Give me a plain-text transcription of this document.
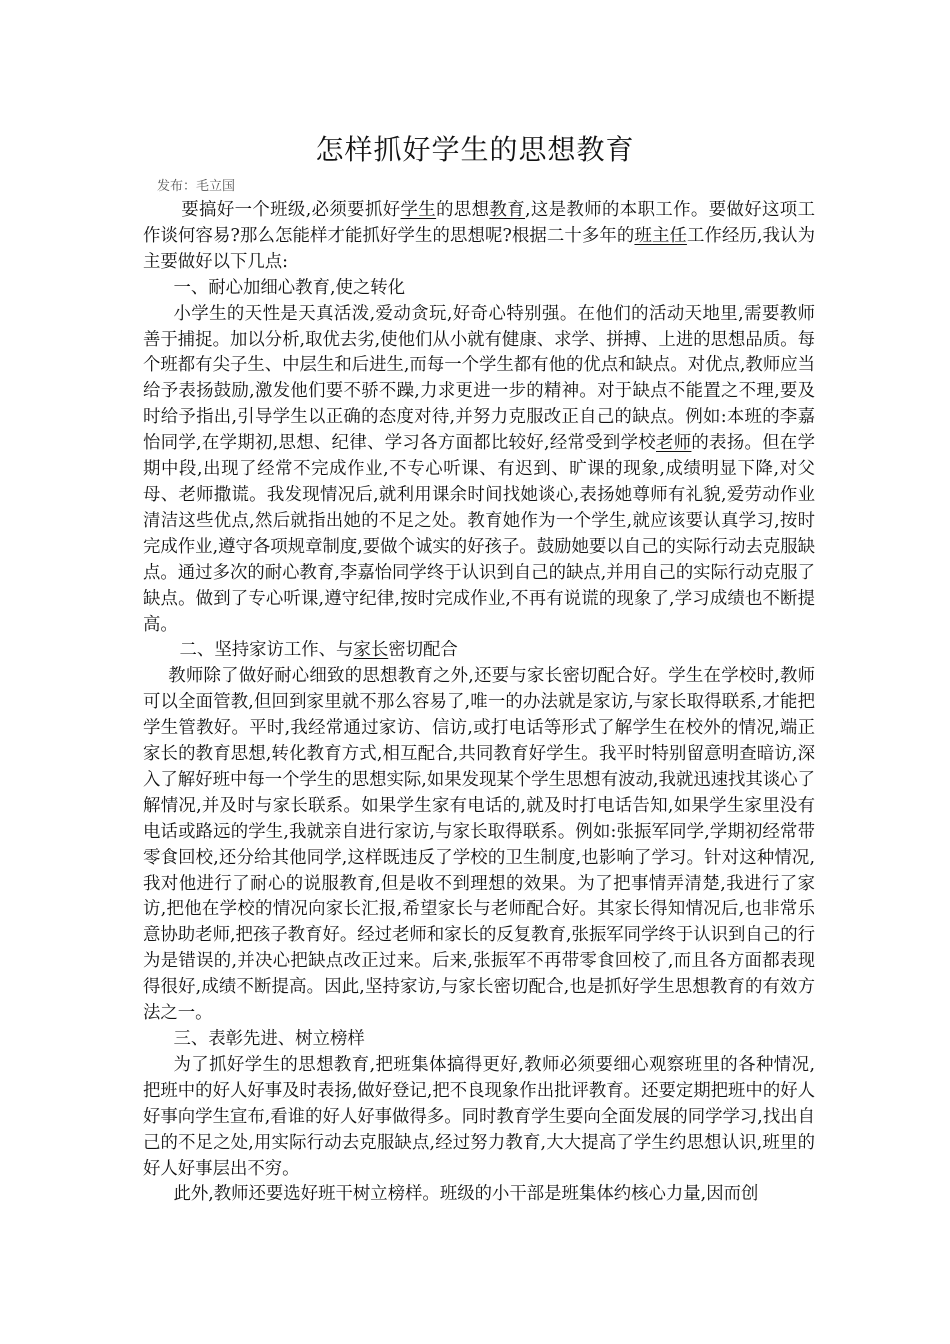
怎样抓好学生的思想教育
发布：毛立国

要搞好一个班级,必须要抓好学生的思想教育,这是教师的本职工作。要做好这项工作谈何容易?那么怎能样才能抓好学生的思想呢?根据二十多年的班主任工作经历,我认为主要做好以下几点:

一、耐心加细心教育,使之转化

小学生的天性是天真活泼,爱动贪玩,好奇心特别强。在他们的活动天地里,需要教师善于捕捉。加以分析,取优去劣,使他们从小就有健康、求学、拼搏、上进的思想品质。每个班都有尖子生、中层生和后进生,而每一个学生都有他的优点和缺点。对优点,教师应当给予表扬鼓励,激发他们要不骄不躁,力求更进一步的精神。对于缺点不能置之不理,要及时给予指出,引导学生以正确的态度对待,并努力克服改正自己的缺点。例如:本班的李嘉怡同学,在学期初,思想、纪律、学习各方面都比较好,经常受到学校老师的表扬。但在学期中段,出现了经常不完成作业,不专心听课、有迟到、旷课的现象,成绩明显下降,对父母、老师撒谎。我发现情况后,就利用课余时间找她谈心,表扬她尊师有礼貌,爱劳动作业清洁这些优点,然后就指出她的不足之处。教育她作为一个学生,就应该要认真学习,按时完成作业,遵守各项规章制度,要做个诚实的好孩子。鼓励她要以自己的实际行动去克服缺点。通过多次的耐心教育,李嘉怡同学终于认识到自己的缺点,并用自己的实际行动克服了缺点。做到了专心听课,遵守纪律,按时完成作业,不再有说谎的现象了,学习成绩也不断提高。

二、坚持家访工作、与家长密切配合

教师除了做好耐心细致的思想教育之外,还要与家长密切配合好。学生在学校时,教师可以全面管教,但回到家里就不那么容易了,唯一的办法就是家访,与家长取得联系,才能把学生管教好。平时,我经常通过家访、信访,或打电话等形式了解学生在校外的情况,端正家长的教育思想,转化教育方式,相互配合,共同教育好学生。我平时特别留意明查暗访,深入了解好班中每一个学生的思想实际,如果发现某个学生思想有波动,我就迅速找其谈心了解情况,并及时与家长联系。如果学生家有电话的,就及时打电话告知,如果学生家里没有电话或路远的学生,我就亲自进行家访,与家长取得联系。例如:张振军同学,学期初经常带零食回校,还分给其他同学,这样既违反了学校的卫生制度,也影响了学习。针对这种情况,我对他进行了耐心的说服教育,但是收不到理想的效果。为了把事情弄清楚,我进行了家访,把他在学校的情况向家长汇报,希望家长与老师配合好。其家长得知情况后,也非常乐意协助老师,把孩子教育好。经过老师和家长的反复教育,张振军同学终于认识到自己的行为是错误的,并决心把缺点改正过来。后来,张振军不再带零食回校了,而且各方面都表现得很好,成绩不断提高。因此,坚持家访,与家长密切配合,也是抓好学生思想教育的有效方法之一。

三、表彰先进、树立榜样

为了抓好学生的思想教育,把班集体搞得更好,教师必须要细心观察班里的各种情况,把班中的好人好事及时表扬,做好登记,把不良现象作出批评教育。还要定期把班中的好人好事向学生宣布,看谁的好人好事做得多。同时教育学生要向全面发展的同学学习,找出自己的不足之处,用实际行动去克服缺点,经过努力教育,大大提高了学生约思想认识,班里的好人好事层出不穷。

此外,教师还要选好班干树立榜样。班级的小干部是班集体约核心力量,因而创
